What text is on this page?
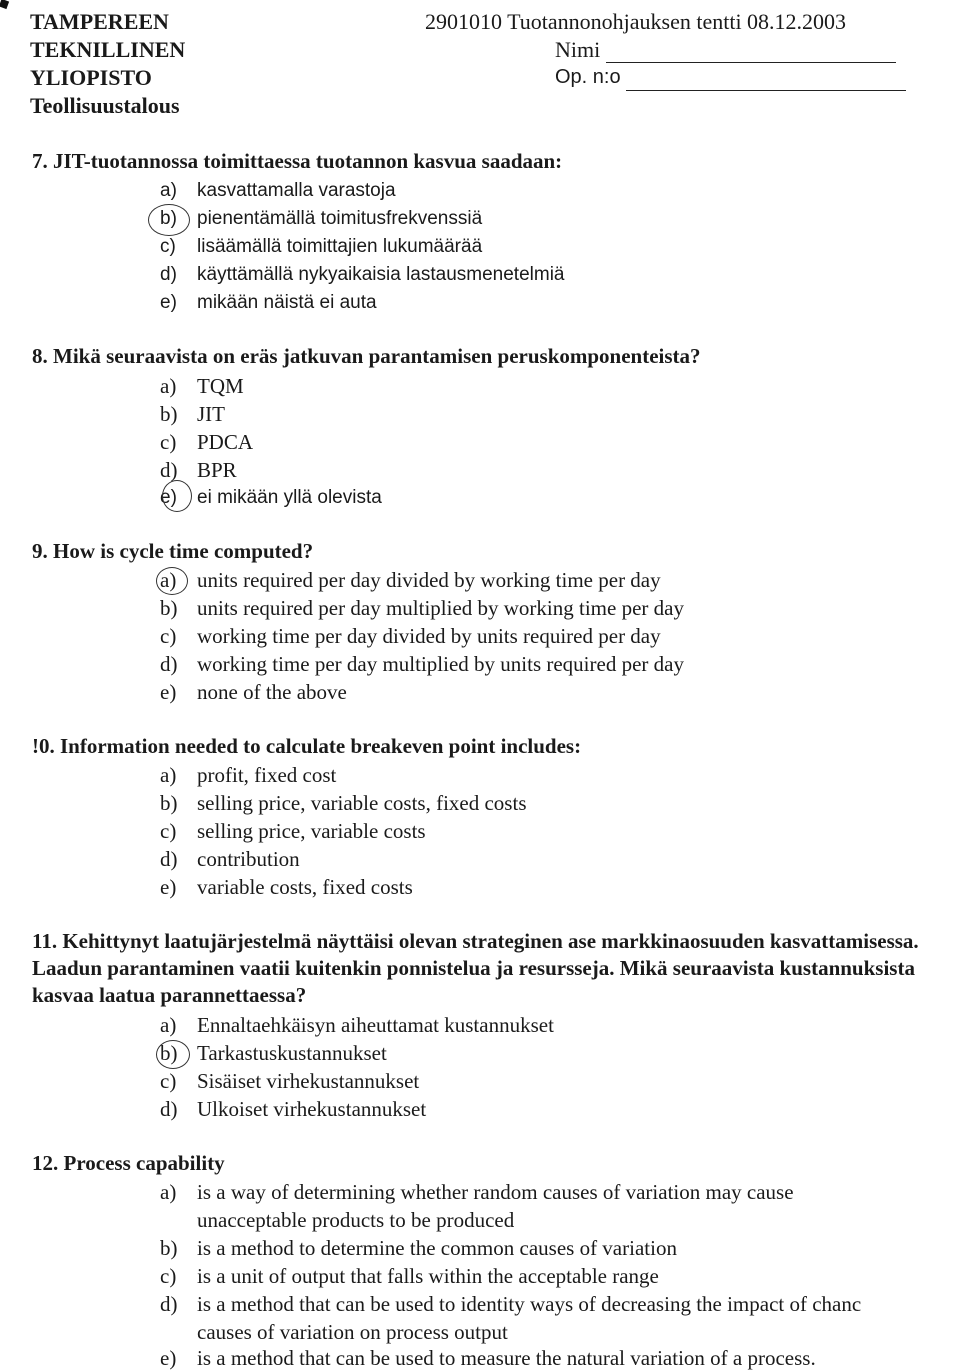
TAMPEREEN
TEKNILLINEN
YLIOPISTO
Teollisuustalous
2901010 Tuotannonohjauksen tentti 08.12.2003
Nimi
Op. n:o
7. JIT-tuotannossa toimittaessa tuotannon kasvua saadaan:
a) kasvattamalla varastoja
b) pienentämällä toimitusfrekvenssiä
c) lisäämällä toimittajien lukumäärää
d) käyttämällä nykyaikaisia lastausmenetelmiä
e) mikään näistä ei auta
8. Mikä seuraavista on eräs jatkuvan parantamisen peruskomponenteista?
a) TQM
b) JIT
c) PDCA
d) BPR
e) ei mikään yllä olevista
9. How is cycle time computed?
a) units required per day divided by working time per day
b) units required per day multiplied by working time per day
c) working time per day divided by units required per day
d) working time per day multiplied by units required per day
e) none of the above
!0. Information needed to calculate breakeven point includes:
a) profit, fixed cost
b) selling price, variable costs, fixed costs
c) selling price, variable costs
d) contribution
e) variable costs, fixed costs
11. Kehittynyt laatujärjestelmä näyttäisi olevan strateginen ase markkinaosuuden kasvattamisessa. Laadun parantaminen vaatii kuitenkin ponnistelua ja resursseja. Mikä seuraavista kustannuksista kasvaa laatua parannettaessa?
a) Ennaltaehkäisyn aiheuttamat kustannukset
b) Tarkastuskustannukset
c) Sisäiset virhekustannukset
d) Ulkoiset virhekustannukset
12. Process capability
a) is a way of determining whether random causes of variation may cause
unacceptable products to be produced
b) is a method to determine the common causes of variation
c) is a unit of output that falls within the acceptable range
d) is a method that can be used to identity ways of decreasing the impact of chanc
causes of variation on process output
e) is a method that can be used to measure the natural variation of a process.
